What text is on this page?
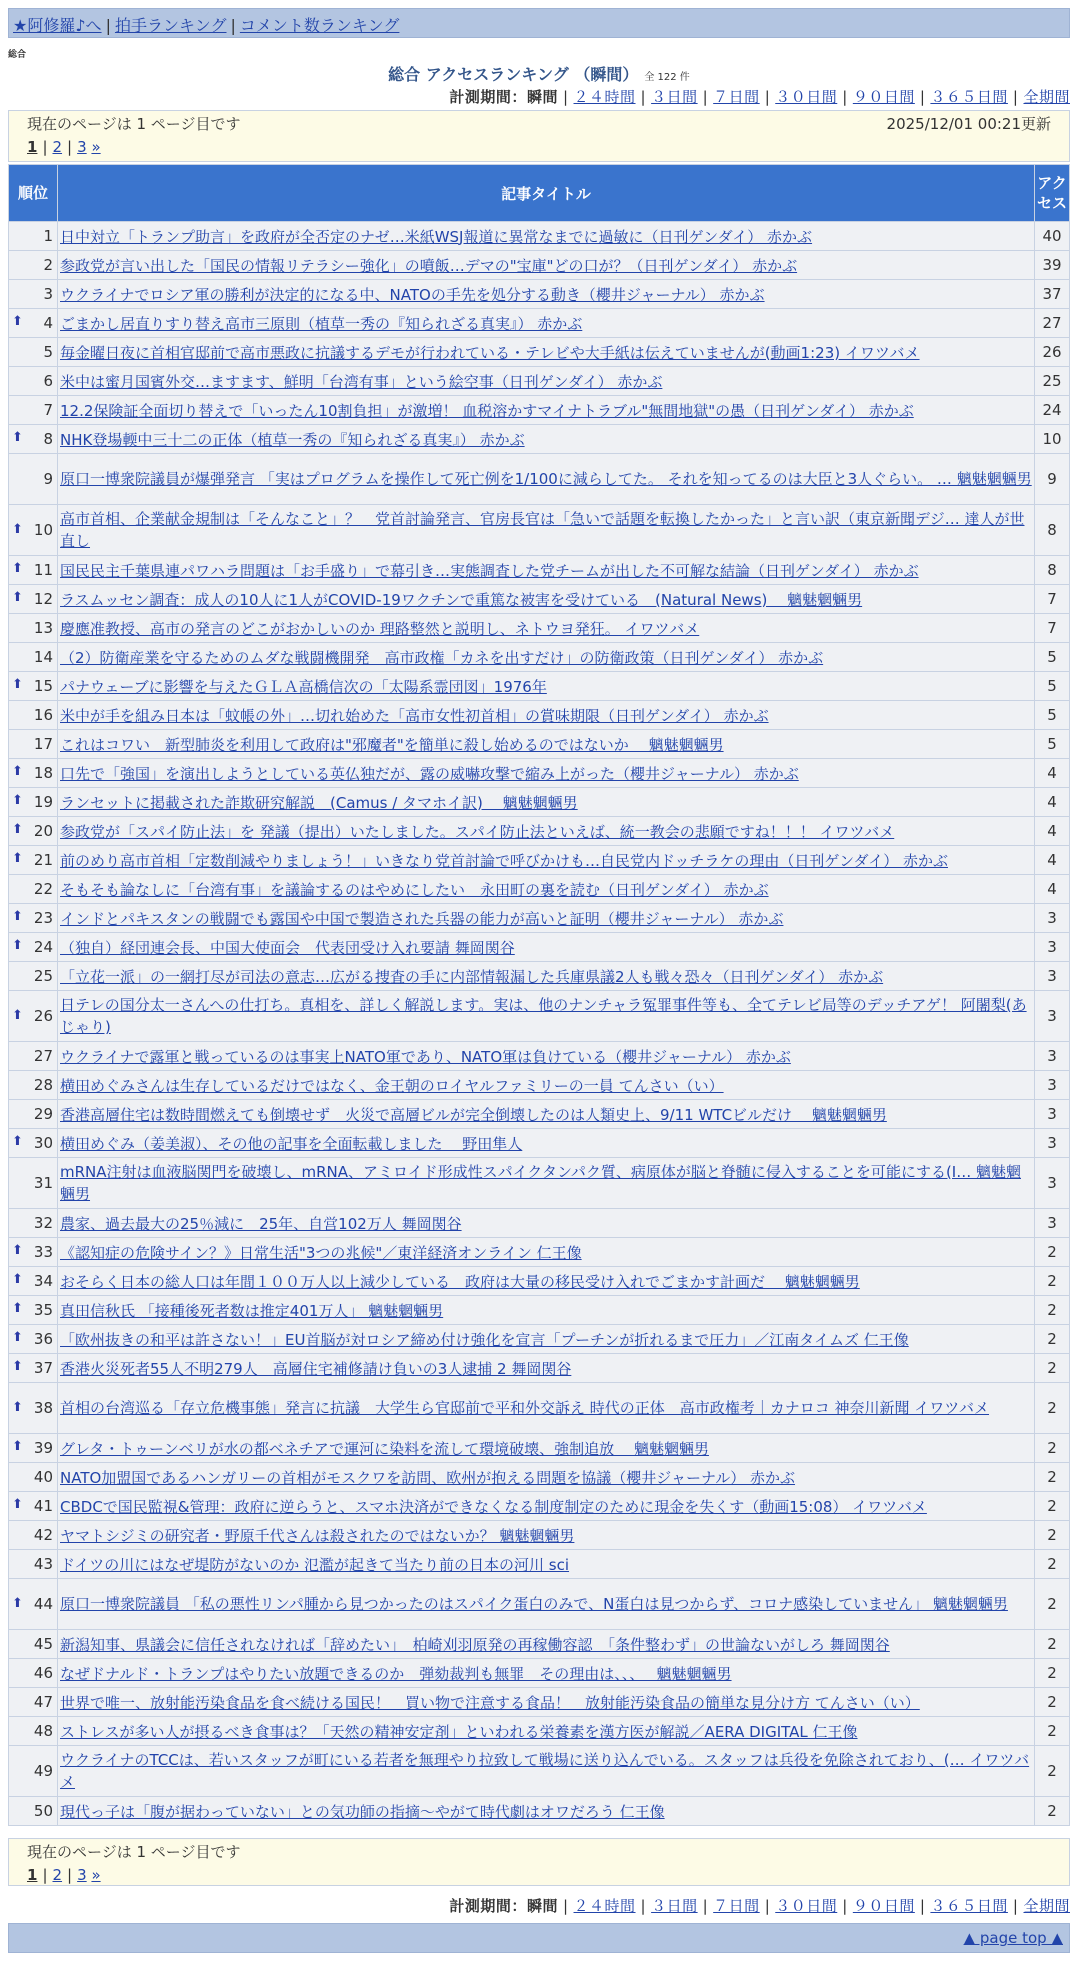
★阿修羅♪へ | 拍手ランキング | コメント数ランキング
総合
総合 アクセスランキング （瞬間） 全 122 件
計測期間：瞬間 | ２４時間 | ３日間 | ７日間 | ３０日間 | ９０日間 | ３６５日間 | 全期間
現在のページは 1 ページ目です	2025/12/01 00:21更新
1 | 2 | 3 »
順位	記事タイトル	アクセス
1	日中対立「トランプ助言」を政府が全否定のナゼ…米紙WSJ報道に異常なまでに過敏に（日刊ゲンダイ） 赤かぶ	40
2	参政党が言い出した「国民の情報リテラシー強化」の噴飯…デマの"宝庫"どの口が？（日刊ゲンダイ） 赤かぶ	39
3	ウクライナでロシア軍の勝利が決定的になる中、NATOの手先を処分する動き（櫻井ジャーナル） 赤かぶ	37

⬆ 4	ごまかし居直りすり替え高市三原則（植草一秀の『知られざる真実』） 赤かぶ	27
5	毎金曜日夜に首相官邸前で高市悪政に抗議するデモが行われている・テレビや大手紙は伝えていませんが(動画1:23) イワツバメ	26
6	米中は蜜月国賓外交…ますます、鮮明「台湾有事」という絵空事（日刊ゲンダイ） 赤かぶ	25
7	12.2保険証全面切り替えで「いったん10割負担」が激増！ 血税溶かすマイナトラブル"無間地獄"の愚（日刊ゲンダイ） 赤かぶ	24

⬆ 8	NHK登場輭中三十二の正体（植草一秀の『知られざる真実』） 赤かぶ	10
9	原口一博衆院議員が爆弾発言 「実はプログラムを操作して死亡例を1/100に減らしてた。 それを知ってるのは大臣と3人ぐらい。 … 魑魅魍魎男	9

⬆ 10	高市首相、企業献金規制は「そんなこと」？　党首討論発言、官房長官は「急いで話題を転換したかった」と言い訳（東京新聞デジ… 達人が世直し	8

⬆ 11	国民民主千葉県連パワハラ問題は「お手盛り」で幕引き…実態調査した党チームが出した不可解な結論（日刊ゲンダイ） 赤かぶ	8

⬆ 12	ラスムッセン調査：成人の10人に1人がCOVID-19ワクチンで重篤な被害を受けている　(Natural News)　 魑魅魍魎男	7
13	慶應准教授、高市の発言のどこがおかしいのか 理路整然と説明し、ネトウヨ発狂。 イワツバメ	7
14	（2）防衛産業を守るためのムダな戦闘機開発　高市政権「カネを出すだけ」の防衛政策（日刊ゲンダイ） 赤かぶ	5

⬆ 15	パナウェーブに影響を与えたＧＬＡ高橋信次の「太陽系霊団図」1976年	5
16	米中が手を組み日本は「蚊帳の外」…切れ始めた「高市女性初首相」の賞味期限（日刊ゲンダイ） 赤かぶ	5
17	これはコワい　新型肺炎を利用して政府は"邪魔者"を簡単に殺し始めるのではないか　 魑魅魍魎男	5

⬆ 18	口先で「強国」を演出しようとしている英仏独だが、露の威嚇攻撃で縮み上がった（櫻井ジャーナル） 赤かぶ	4

⬆ 19	ランセットに掲載された詐欺研究解説　(Camus / タマホイ訳)　 魑魅魍魎男	4

⬆ 20	参政党が「スパイ防止法」を 発議（提出）いたしました。スパイ防止法といえば、統一教会の悲願ですね！！！ イワツバメ	4

⬆ 21	前のめり高市首相「定数削減やりましょう！」いきなり党首討論で呼びかけも…自民党内ドッチラケの理由（日刊ゲンダイ） 赤かぶ	4
22	そもそも論なしに「台湾有事」を議論するのはやめにしたい　永田町の裏を読む（日刊ゲンダイ） 赤かぶ	4

⬆ 23	インドとパキスタンの戦闘でも露国や中国で製造された兵器の能力が高いと証明（櫻井ジャーナル） 赤かぶ	3

⬆ 24	（独自）経団連会長、中国大使面会　代表団受け入れ要請 舞岡関谷	3
25	「立花一派」の一網打尽が司法の意志…広がる捜査の手に内部情報漏した兵庫県議2人も戦々恐々（日刊ゲンダイ） 赤かぶ	3

⬆ 26	日テレの国分太一さんへの仕打ち。真相を、詳しく解説します。実は、他のナンチャラ冤罪事件等も、全てテレビ局等のデッチアゲ！ 阿闍梨(あじゃり)	3
27	ウクライナで露軍と戦っているのは事実上NATO軍であり、NATO軍は負けている（櫻井ジャーナル） 赤かぶ	3
28	横田めぐみさんは生存しているだけではなく、金王朝のロイヤルファミリーの一員 てんさい（い）	3
29	香港高層住宅は数時間燃えても倒壊せず　火災で高層ビルが完全倒壊したのは人類史上、9/11 WTCビルだけ　 魑魅魍魎男	3

⬆ 30	横田めぐみ（姜美淑）、その他の記事を全面転載しました　 野田隼人	3
31	mRNA注射は血液脳関門を破壊し、mRNA、アミロイド形成性スパイクタンパク質、病原体が脳と脊髄に侵入することを可能にする(I… 魑魅魍魎男	3
32	農家、過去最大の25％減に　25年、自営102万人 舞岡関谷	3

⬆ 33	《認知症の危険サイン？》日常生活"3つの兆候"／東洋経済オンライン 仁王像	2

⬆ 34	おそらく日本の総人口は年間１００万人以上減少している　政府は大量の移民受け入れでごまかす計画だ　 魑魅魍魎男	2

⬆ 35	真田信秋氏 「接種後死者数は推定401万人」 魑魅魍魎男	2

⬆ 36	「欧州抜きの和平は許さない！」EU首脳が対ロシア締め付け強化を宣言「プーチンが折れるまで圧力」／江南タイムズ 仁王像	2

⬆ 37	香港火災死者55人不明279人　高層住宅補修請け負いの3人逮捕 2 舞岡関谷	2

⬆ 38	首相の台湾巡る「存立危機事態」発言に抗議　大学生ら官邸前で平和外交訴え 時代の正体　高市政権考｜カナロコ 神奈川新聞 イワツバメ	2

⬆ 39	グレタ・トゥーンベリが水の都ベネチアで運河に染料を流して環境破壊、強制追放　 魑魅魍魎男	2
40	NATO加盟国であるハンガリーの首相がモスクワを訪問、欧州が抱える問題を協議（櫻井ジャーナル） 赤かぶ	2

⬆ 41	CBDCで国民監視&管理：政府に逆らうと、スマホ決済ができなくなる制度制定のために現金を失くす（動画15:08） イワツバメ	2
42	ヤマトシジミの研究者・野原千代さんは殺されたのではないか？ 魑魅魍魎男	2
43	ドイツの川にはなぜ堤防がないのか 氾濫が起きて当たり前の日本の河川 sci	2

⬆ 44	原口一博衆院議員 「私の悪性リンパ腫から見つかったのはスパイク蛋白のみで、N蛋白は見つからず、コロナ感染していません」 魑魅魍魎男	2
45	新潟知事、県議会に信任されなければ「辞めたい」　柏崎刈羽原発の再稼働容認　「条件整わず」の世論ないがしろ 舞岡関谷	2
46	なぜドナルド・トランプはやりたい放題できるのか　弾劾裁判も無罪　その理由は、、、　 魑魅魍魎男	2
47	世界で唯一、放射能汚染食品を食べ続ける国民！　買い物で注意する食品！　放射能汚染食品の簡単な見分け方 てんさい（い）	2
48	ストレスが多い人が摂るべき食事は？「天然の精神安定剤」といわれる栄養素を漢方医が解説／AERA DIGITAL 仁王像	2
49	ウクライナのTCCは、若いスタッフが町にいる若者を無理やり拉致して戦場に送り込んでいる。スタッフは兵役を免除されており、(… イワツバメ	2
50	現代っ子は「腹が据わっていない」との気功師の指摘～やがて時代劇はオワだろう 仁王像	2
現在のページは 1 ページ目です
1 | 2 | 3 »
計測期間：瞬間 | ２４時間 | ３日間 | ７日間 | ３０日間 | ９０日間 | ３６５日間 | 全期間
▲ page top ▲
